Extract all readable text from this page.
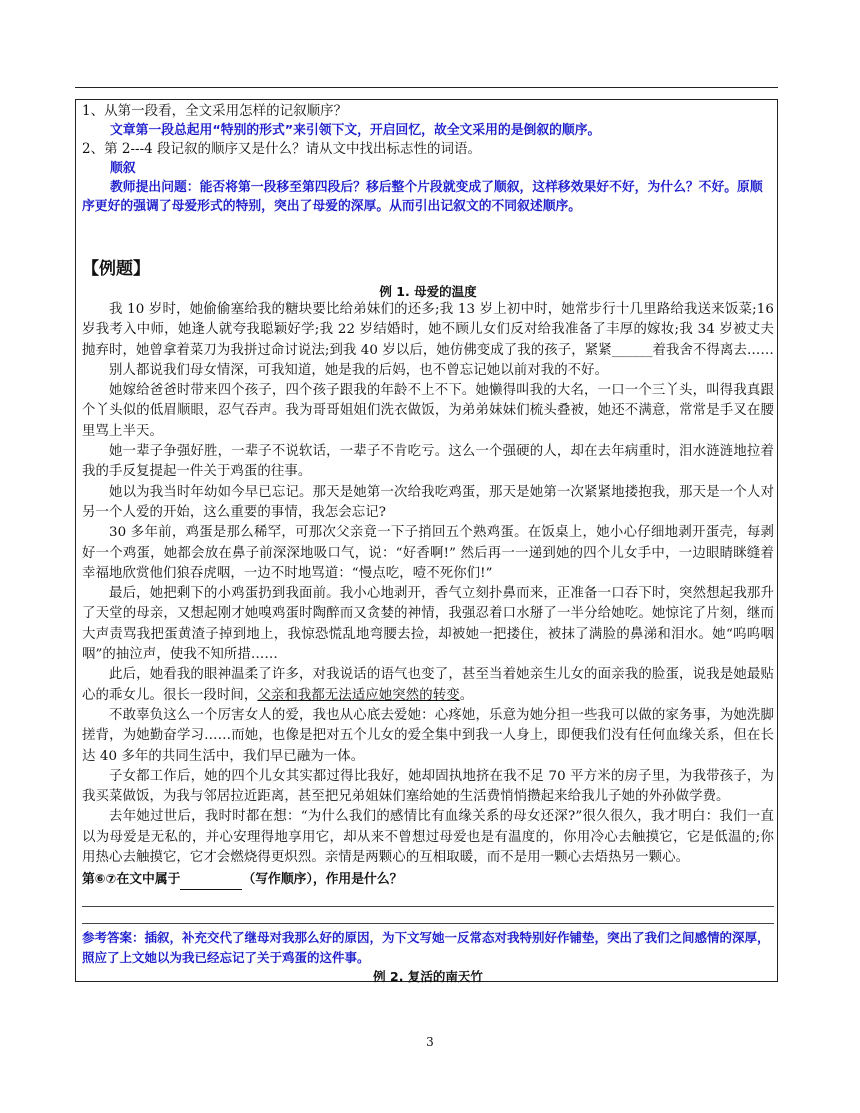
1、从第一段看，全文采用怎样的记叙顺序？

文章第一段总起用“特别的形式”来引领下文，开启回忆，故全文采用的是倒叙的顺序。

2、第 2---4 段记叙的顺序又是什么？请从文中找出标志性的词语。

顺叙

教师提出问题：能否将第一段移至第四段后？移后整个片段就变成了顺叙，这样移效果好不好，为什么？不好。原顺序更好的强调了母爱形式的特别，突出了母爱的深厚。从而引出记叙文的不同叙述顺序。

【例题】

例 1. 母爱的温度

我 10 岁时，她偷偷塞给我的糖块要比给弟妹们的还多;我 13 岁上初中时，她常步行十几里路给我送来饭菜;16 岁我考入中师，她逢人就夸我聪颖好学;我 22 岁结婚时，她不顾儿女们反对给我准备了丰厚的嫁妆;我 34 岁被丈夫抛弃时，她曾拿着菜刀为我拼过命讨说法;到我 40 岁以后，她仿佛变成了我的孩子，紧紧______着我舍不得离去……

别人都说我们母女情深，可我知道，她是我的后妈，也不曾忘记她以前对我的不好。

她嫁给爸爸时带来四个孩子，四个孩子跟我的年龄不上不下。她懒得叫我的大名，一口一个三丫头，叫得我真跟个丫头似的低眉顺眼，忍气吞声。我为哥哥姐姐们洗衣做饭，为弟弟妹妹们梳头叠被，她还不满意，常常是手叉在腰里骂上半天。

她一辈子争强好胜，一辈子不说软话，一辈子不肯吃亏。这么一个强硬的人，却在去年病重时，泪水涟涟地拉着我的手反复提起一件关于鸡蛋的往事。

她以为我当时年幼如今早已忘记。那天是她第一次给我吃鸡蛋，那天是她第一次紧紧地搂抱我，那天是一个人对另一个人爱的开始，这么重要的事情，我怎会忘记?

30 多年前，鸡蛋是那么稀罕，可那次父亲竟一下子捎回五个熟鸡蛋。在饭桌上，她小心仔细地剥开蛋壳，每剥好一个鸡蛋，她都会放在鼻子前深深地吸口气，说：“好香啊!” 然后再一一递到她的四个儿女手中，一边眼睛眯缝着幸福地欣赏他们狼吞虎咽，一边不时地骂道：“慢点吃，噎不死你们!”

最后，她把剩下的小鸡蛋扔到我面前。我小心地剥开，香气立刻扑鼻而来，正准备一口吞下时，突然想起我那升了天堂的母亲，又想起刚才她嗅鸡蛋时陶醉而又贪婪的神情，我强忍着口水掰了一半分给她吃。她惊诧了片刻，继而大声责骂我把蛋黄渣子掉到地上，我惊恐慌乱地弯腰去捡，却被她一把搂住，被抹了满脸的鼻涕和泪水。她“呜呜咽咽”的抽泣声，使我不知所措……

此后，她看我的眼神温柔了许多，对我说话的语气也变了，甚至当着她亲生儿女的面亲我的脸蛋，说我是她最贴心的乖女儿。很长一段时间，父亲和我都无法适应她突然的转变。

不敢辜负这么一个厉害女人的爱，我也从心底去爱她：心疼她，乐意为她分担一些我可以做的家务事，为她洗脚搓背，为她勤奋学习……而她，也像是把对五个儿女的爱全集中到我一人身上，即便我们没有任何血缘关系，但在长达 40 多年的共同生活中，我们早已融为一体。

子女都工作后，她的四个儿女其实都过得比我好，她却固执地挤在我不足 70 平方米的房子里，为我带孩子，为我买菜做饭，为我与邻居拉近距离，甚至把兄弟姐妹们塞给她的生活费悄悄攒起来给我儿子她的外孙做学费。

去年她过世后，我时时都在想：“为什么我们的感情比有血缘关系的母女还深?”很久很久，我才明白：我们一直以为母爱是无私的，并心安理得地享用它，却从来不曾想过母爱也是有温度的，你用冷心去触摸它，它是低温的;你用热心去触摸它，它才会燃烧得更炽烈。亲情是两颗心的互相取暖，而不是用一颗心去焐热另一颗心。

第⑥⑦在文中属于	（写作顺序），作用是什么？

参考答案：插叙，补充交代了继母对我那么好的原因，为下文写她一反常态对我特别好作铺垫，突出了我们之间感情的深厚，照应了上文她以为我已经忘记了关于鸡蛋的这件事。

例 2. 复活的南天竹

3
